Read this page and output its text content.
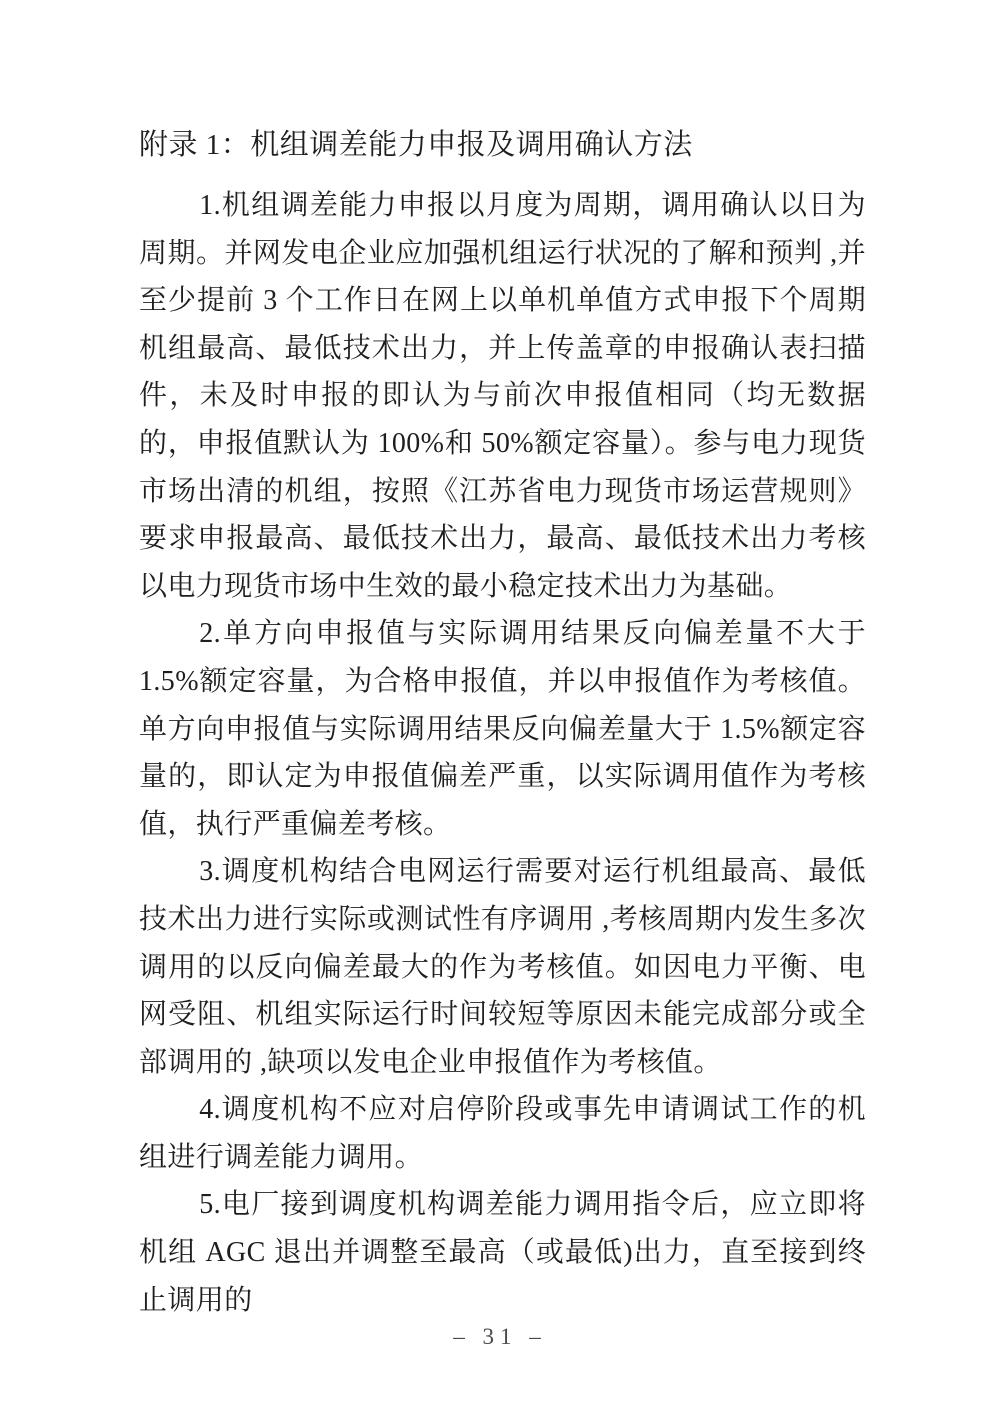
附录 1：机组调差能力申报及调用确认方法

1.机组调差能力申报以月度为周期，调用确认以日为周期。并网发电企业应加强机组运行状况的了解和预判 ,并至少提前 3 个工作日在网上以单机单值方式申报下个周期机组最高、最低技术出力，并上传盖章的申报确认表扫描件，未及时申报的即认为与前次申报值相同（均无数据的，申报值默认为 100%和 50%额定容量）。参与电力现货市场出清的机组，按照《江苏省电力现货市场运营规则》要求申报最高、最低技术出力，最高、最低技术出力考核以电力现货市场中生效的最小稳定技术出力为基础。

2.单方向申报值与实际调用结果反向偏差量不大于 1.5%额定容量，为合格申报值，并以申报值作为考核值。单方向申报值与实际调用结果反向偏差量大于 1.5%额定容量的，即认定为申报值偏差严重，以实际调用值作为考核值，执行严重偏差考核。

3.调度机构结合电网运行需要对运行机组最高、最低技术出力进行实际或测试性有序调用 ,考核周期内发生多次调用的以反向偏差最大的作为考核值。如因电力平衡、电网受阻、机组实际运行时间较短等原因未能完成部分或全部调用的 ,缺项以发电企业申报值作为考核值。

4.调度机构不应对启停阶段或事先申请调试工作的机组进行调差能力调用。

5.电厂接到调度机构调差能力调用指令后，应立即将机组 AGC 退出并调整至最高（或最低)出力，直至接到终止调用的

– 31 –
